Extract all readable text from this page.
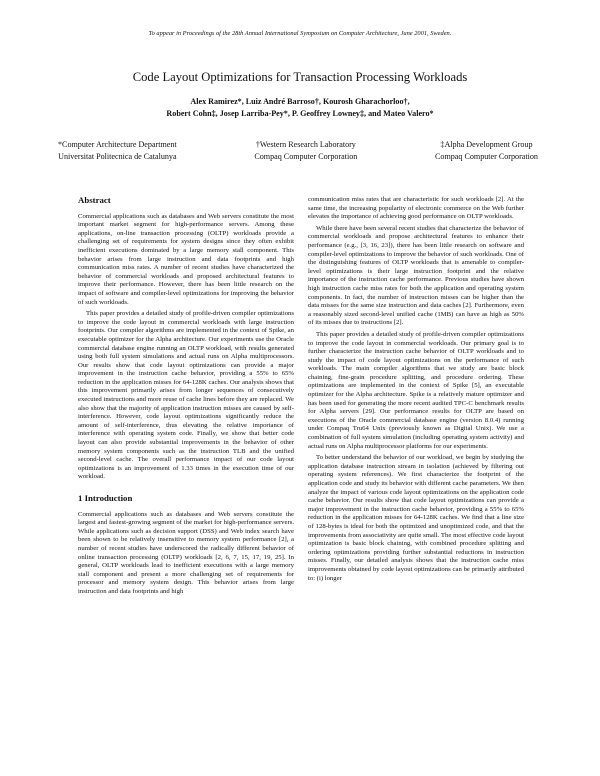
To appear in Proceedings of the 28th Annual International Symposium on Computer Architecture, June 2001, Sweden.
Code Layout Optimizations for Transaction Processing Workloads
Alex Ramirez*, Luiz André Barroso†, Kourosh Gharachorloo†,
Robert Cohn‡, Josep Larriba-Pey*, P. Geoffrey Lowney‡, and Mateo Valero*
*Computer Architecture Department
Universitat Politecnica de Catalunya
†Western Research Laboratory
Compaq Computer Corporation
‡Alpha Development Group
Compaq Computer Corporation
Abstract

Commercial applications such as databases and Web servers constitute the most important market segment for high-performance servers. Among these applications, on-line transaction processing (OLTP) workloads provide a challenging set of requirements for system designs since they often exhibit inefficient executions dominated by a large memory stall component. This behavior arises from large instruction and data footprints and high communication miss rates. A number of recent studies have characterized the behavior of commercial workloads and proposed architectural features to improve their performance. However, there has been little research on the impact of software and compiler-level optimizations for improving the behavior of such workloads.

This paper provides a detailed study of profile-driven compiler optimizations to improve the code layout in commercial workloads with large instruction footprints. Our compiler algorithms are implemented in the context of Spike, an executable optimizer for the Alpha architecture. Our experiments use the Oracle commercial database engine running an OLTP workload, with results generated using both full system simulations and actual runs on Alpha multiprocessors. Our results show that code layout optimizations can provide a major improvement in the instruction cache behavior, providing a 55% to 65% reduction in the application misses for 64-128K caches. Our analysis shows that this improvement primarily arises from longer sequences of consecutively executed instructions and more reuse of cache lines before they are replaced. We also show that the majority of application instruction misses are caused by self-interference. However, code layout optimizations significantly reduce the amount of self-interference, thus elevating the relative importance of interference with operating system code. Finally, we show that better code layout can also provide substantial improvements in the behavior of other memory system components such as the instruction TLB and the unified second-level cache. The overall performance impact of our code layout optimizations is an improvement of 1.33 times in the execution time of our workload.

1 Introduction

Commercial applications such as databases and Web servers constitute the largest and fastest-growing segment of the market for high-performance servers. While applications such as decision support (DSS) and Web index search have been shown to be relatively insensitive to memory system performance [2], a number of recent studies have underscored the radically different behavior of online transaction processing (OLTP) workloads [2, 6, 7, 15, 17, 19, 25]. In general, OLTP workloads lead to inefficient executions with a large memory stall component and present a more challenging set of requirements for processor and memory system design. This behavior arises from large instruction and data footprints and high

communication miss rates that are characteristic for such workloads [2]. At the same time, the increasing popularity of electronic commerce on the Web further elevates the importance of achieving good performance on OLTP workloads.

While there have been several recent studies that characterize the behavior of commercial workloads and propose architectural features to enhance their performance (e.g., [3, 16, 23]), there has been little research on software and compiler-level optimizations to improve the behavior of such workloads. One of the distinguishing features of OLTP workloads that is amenable to compiler-level optimizations is their large instruction footprint and the relative importance of the instruction cache performance. Previous studies have shown high instruction cache miss rates for both the application and operating system components. In fact, the number of instruction misses can be higher than the data misses for the same size instruction and data caches [2]. Furthermore, even a reasonably sized second-level unified cache (1MB) can have as high as 50% of its misses due to instructions [2].

This paper provides a detailed study of profile-driven compiler optimizations to improve the code layout in commercial workloads. Our primary goal is to further characterize the instruction cache behavior of OLTP workloads and to study the impact of code layout optimizations on the performance of such workloads. The main compiler algorithms that we study are basic block chaining, fine-grain procedure splitting, and procedure ordering. These optimizations are implemented in the context of Spike [5], an executable optimizer for the Alpha architecture. Spike is a relatively mature optimizer and has been used for generating the more recent audited TPC-C benchmark results for Alpha servers [29]. Our performance results for OLTP are based on executions of the Oracle commercial database engine (version 8.0.4) running under Compaq Tru64 Unix (previously known as Digital Unix). We use a combination of full system simulation (including operating system activity) and actual runs on Alpha multiprocessor platforms for our experiments.

To better understand the behavior of our workload, we begin by studying the application database instruction stream in isolation (achieved by filtering out operating system references). We first characterize the footprint of the application code and study its behavior with different cache parameters. We then analyze the impact of various code layout optimizations on the application code cache behavior. Our results show that code layout optimizations can provide a major improvement in the instruction cache behavior, providing a 55% to 65% reduction in the application misses for 64-128K caches. We find that a line size of 128-bytes is ideal for both the optimized and unoptimized code, and that the improvements from associativity are quite small. The most effective code layout optimization is basic block chaining, with combined procedure splitting and ordering optimizations providing further substantial reductions in instruction misses. Finally, our detailed analysis shows that the instruction cache miss improvements obtained by code layout optimizations can be primarily attributed to: (i) longer
